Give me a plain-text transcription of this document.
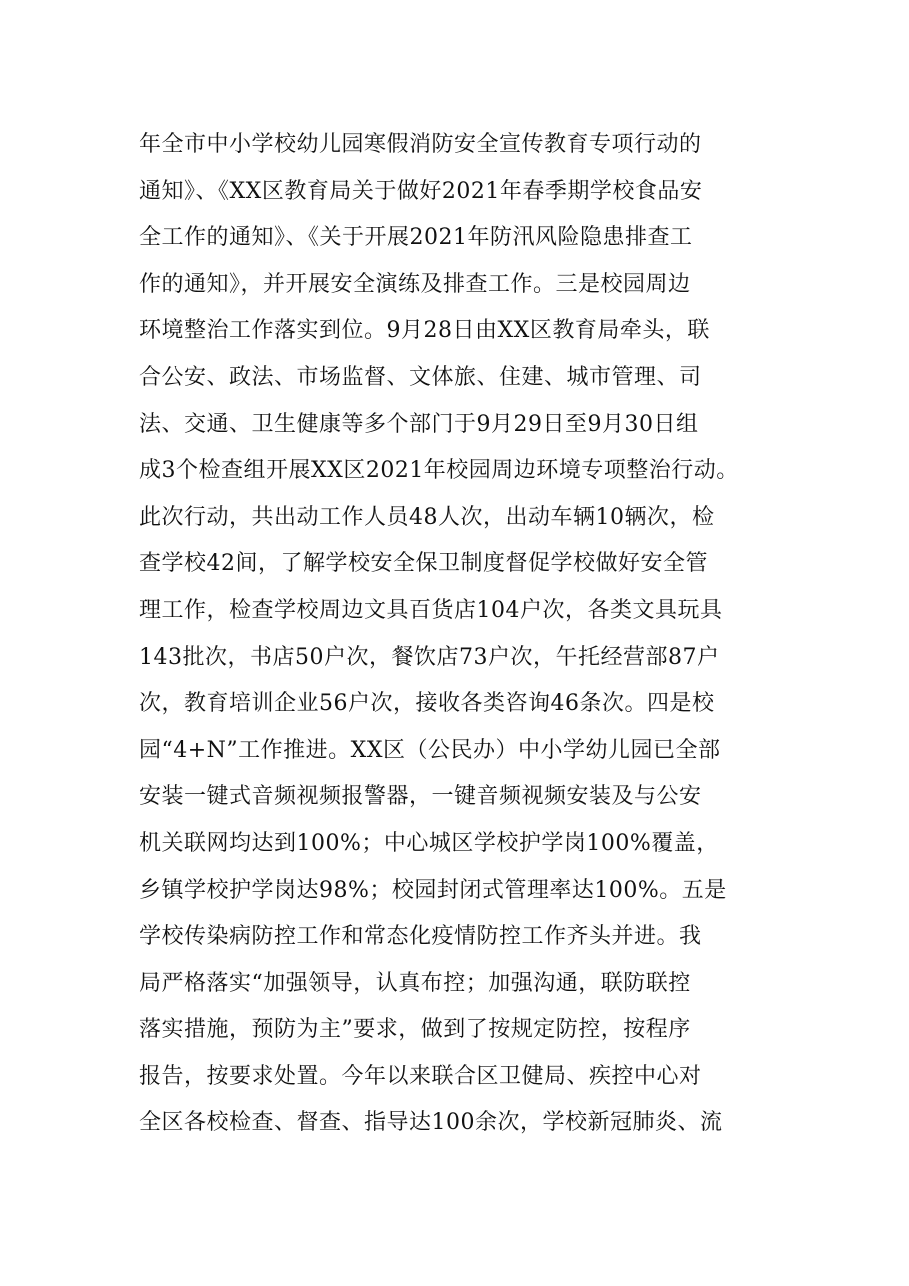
年全市中小学校幼儿园寒假消防安全宣传教育专项行动的
通知》、《XX区教育局关于做好2021年春季期学校食品安
全工作的通知》、《关于开展2021年防汛风险隐患排查工
作的通知》，并开展安全演练及排查工作。三是校园周边
环境整治工作落实到位。9月28日由XX区教育局牵头，联
合公安、政法、市场监督、文体旅、住建、城市管理、司
法、交通、卫生健康等多个部门于9月29日至9月30日组
成3个检查组开展XX区2021年校园周边环境专项整治行动。
此次行动，共出动工作人员48人次，出动车辆10辆次，检
查学校42间，了解学校安全保卫制度督促学校做好安全管
理工作，检查学校周边文具百货店104户次，各类文具玩具
143批次，书店50户次，餐饮店73户次，午托经营部87户
次，教育培训企业56户次，接收各类咨询46条次。四是校
园“4+N”工作推进。XX区（公民办）中小学幼儿园已全部
安装一键式音频视频报警器，一键音频视频安装及与公安
机关联网均达到100%；中心城区学校护学岗100%覆盖，
乡镇学校护学岗达98%；校园封闭式管理率达100%。五是
学校传染病防控工作和常态化疫情防控工作齐头并进。我
局严格落实“加强领导，认真布控；加强沟通，联防联控
落实措施，预防为主”要求，做到了按规定防控，按程序
报告，按要求处置。今年以来联合区卫健局、疾控中心对
全区各校检查、督查、指导达100余次，学校新冠肺炎、流
